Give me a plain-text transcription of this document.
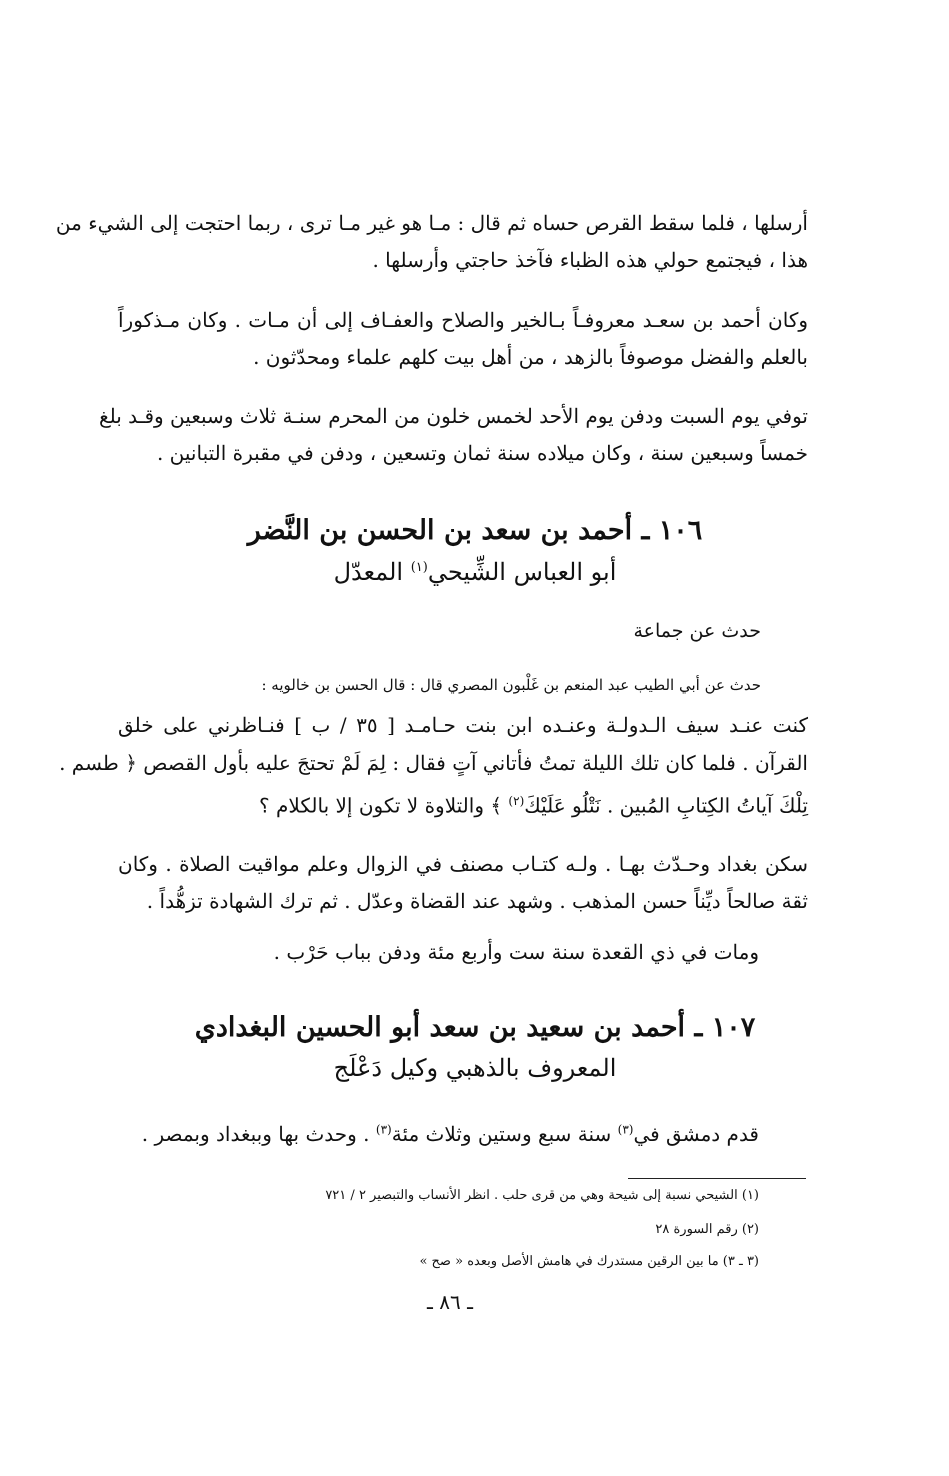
أرسلها ، فلما سقط القرص حساه ثم قال : مـا هو غير مـا ترى ، ربما احتجت إلى الشيء من
هذا ، فيجتمع حولي هذه الظباء فآخذ حاجتي وأرسلها .
وكان أحمد بن سعـد معروفـاً بـالخير والصلاح والعفـاف إلى أن مـات . وكان مـذكوراً
بالعلم والفضل موصوفاً بالزهد ، من أهل بيت كلهم علماء ومحدّثون .
توفي يوم السبت ودفن يوم الأحد لخمس خلون من المحرم سنـة ثلاث وسبعين وقـد بلغ
خمساً وسبعين سنة ، وكان ميلاده سنة ثمان وتسعين ، ودفن في مقبرة التبانين .
١٠٦ ـ أحمد بن سعد بن الحسن بن النَّضر
أبو العباس الشِّيحي$^{(١)}$ المعدّل
حدث عن جماعة
حدث عن أبي الطيب عبد المنعم بن غَلْبون المصري قال : قال الحسن بن خالويه :
كنت عنـد سيف الـدولـة وعنـده ابن بنت حـامـد [ ٣٥ / ب ] فنـاظرني على خلق
القرآن . فلما كان تلك الليلة تمتُ فأتاني آتٍ فقال : لِمَ لَمْ تحتجَ عليه بأول القصص ﴿ طسم .
تِلْكَ آياتُ الكِتابِ المُبين . نَتْلُو عَلَيْكَ$^{(٢)}$ ﴾ والتلاوة لا تكون إلا بالكلام ؟
سكن بغداد وحـدّث بهـا . ولـه كتـاب مصنف في الزوال وعلم مواقيت الصلاة . وكان
ثقة صالحاً ديِّناً حسن المذهب . وشهد عند القضاة وعدّل . ثم ترك الشهادة تزهُّداً .
ومات في ذي القعدة سنة ست وأربع مئة ودفن بباب حَرْب .
١٠٧ ـ أحمد بن سعيد بن سعد أبو الحسين البغدادي
المعروف بالذهبي وكيل دَعْلَج
قدم دمشق في$^{(٣)}$ سنة سبع وستين وثلاث مئة$^{(٣)}$ . وحدث بها وببغداد وبمصر .
(١) الشيحي نسبة إلى شيحة وهي من قرى حلب . انظر الأنساب والتبصير ٢ / ٧٢١
(٢) رقم السورة ٢٨
(٣ ـ ٣) ما بين الرقين مستدرك في هامش الأصل وبعده « صح »
ـ ٨٦ ـ
